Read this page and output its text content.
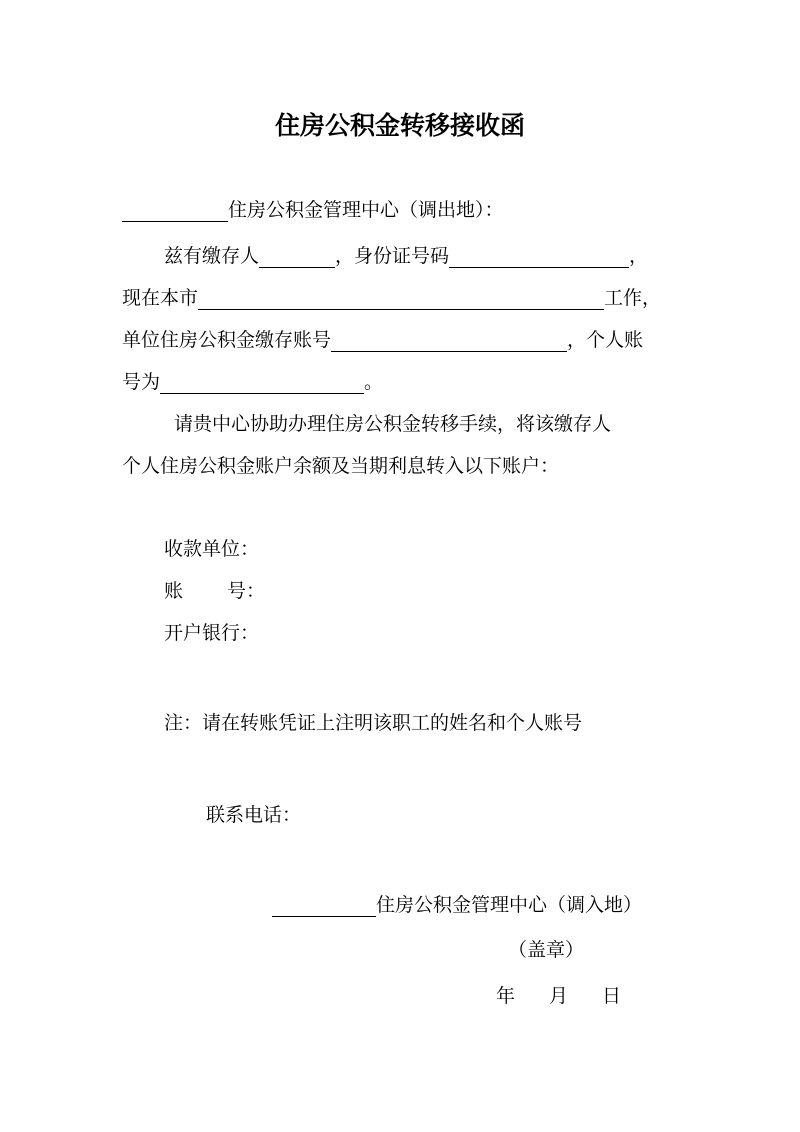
住房公积金转移接收函
住房公积金管理中心（调出地）：
兹有缴存人	，身份证号码	，
现在本市	工作，
单位住房公积金缴存账号	，个人账
号为	。
请贵中心协助办理住房公积金转移手续，将该缴存人
个人住房公积金账户余额及当期利息转入以下账户：
收款单位：
账 号：
开户银行：
注：请在转账凭证上注明该职工的姓名和个人账号
联系电话：
住房公积金管理中心（调入地）
（盖章）
年 月 日
